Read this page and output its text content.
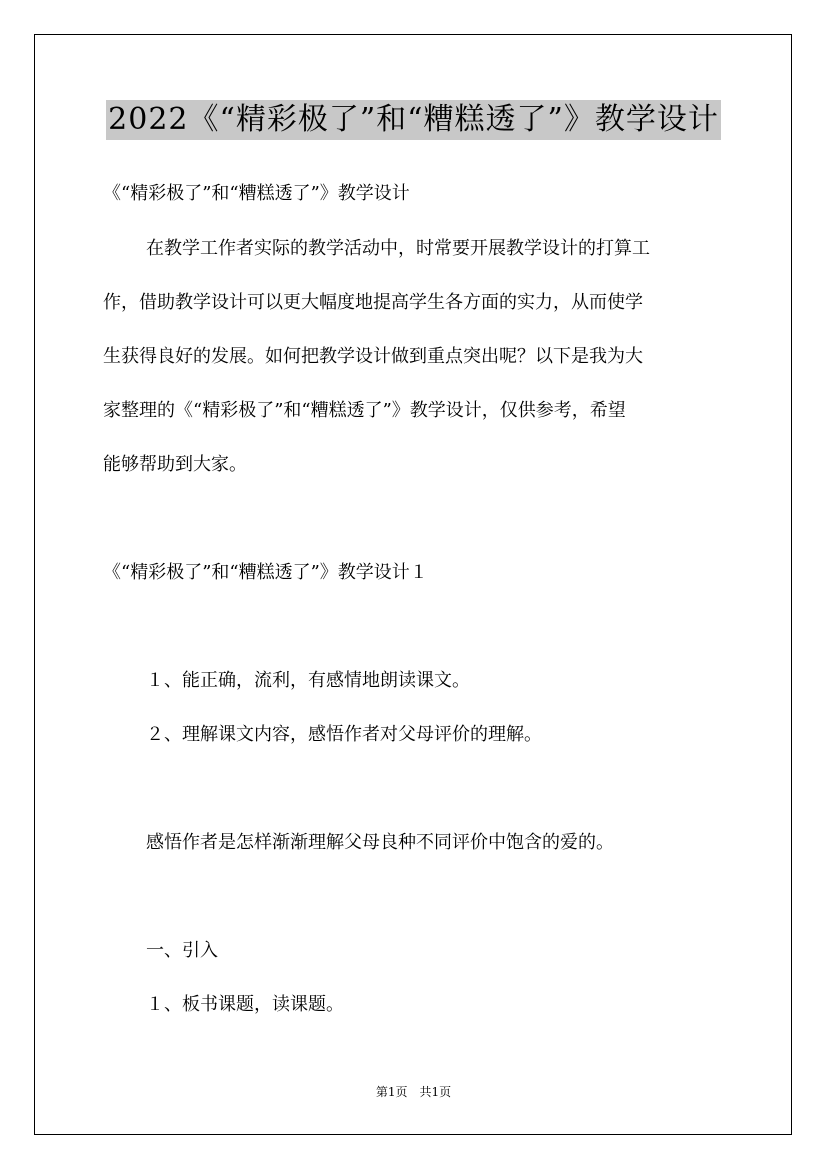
2022《“精彩极了”和“糟糕透了”》教学设计
《“精彩极了”和“糟糕透了”》教学设计
在教学工作者实际的教学活动中，时常要开展教学设计的打算工
作，借助教学设计可以更大幅度地提高学生各方面的实力，从而使学
生获得良好的发展。如何把教学设计做到重点突出呢？以下是我为大
家整理的《“精彩极了”和“糟糕透了”》教学设计，仅供参考，希望
能够帮助到大家。
《“精彩极了”和“糟糕透了”》教学设计１
１、能正确，流利，有感情地朗读课文。
２、理解课文内容，感悟作者对父母评价的理解。
感悟作者是怎样渐渐理解父母良种不同评价中饱含的爱的。
一、引入
１、板书课题，读课题。
第1页　共1页
